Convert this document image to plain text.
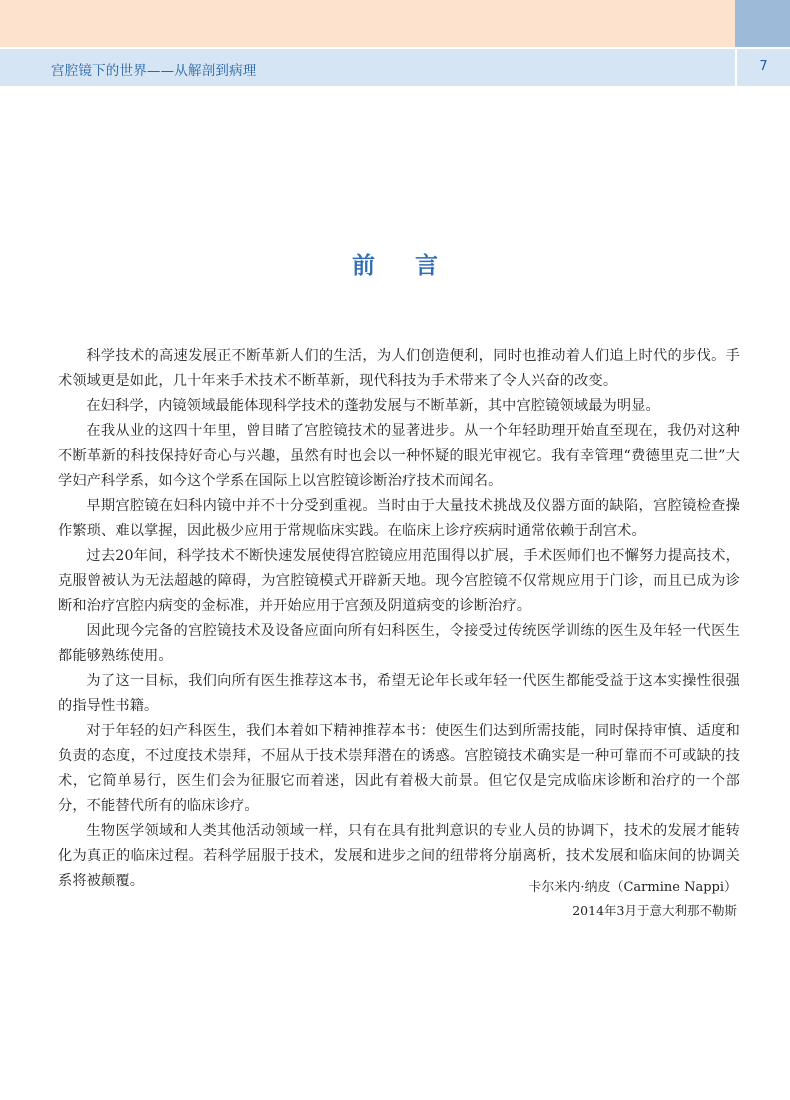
宫腔镜下的世界——从解剖到病理	7
前言

科学技术的高速发展正不断革新人们的生活，为人们创造便利，同时也推动着人们追上时代的步伐。手术领域更是如此，几十年来手术技术不断革新，现代科技为手术带来了令人兴奋的改变。

在妇科学，内镜领域最能体现科学技术的蓬勃发展与不断革新，其中宫腔镜领域最为明显。

在我从业的这四十年里，曾目睹了宫腔镜技术的显著进步。从一个年轻助理开始直至现在，我仍对这种不断革新的科技保持好奇心与兴趣，虽然有时也会以一种怀疑的眼光审视它。我有幸管理“费德里克二世”大学妇产科学系，如今这个学系在国际上以宫腔镜诊断治疗技术而闻名。

早期宫腔镜在妇科内镜中并不十分受到重视。当时由于大量技术挑战及仪器方面的缺陷，宫腔镜检查操作繁琐、难以掌握，因此极少应用于常规临床实践。在临床上诊疗疾病时通常依赖于刮宫术。

过去20年间，科学技术不断快速发展使得宫腔镜应用范围得以扩展，手术医师们也不懈努力提高技术，克服曾被认为无法超越的障碍，为宫腔镜模式开辟新天地。现今宫腔镜不仅常规应用于门诊，而且已成为诊断和治疗宫腔内病变的金标准，并开始应用于宫颈及阴道病变的诊断治疗。

因此现今完备的宫腔镜技术及设备应面向所有妇科医生，令接受过传统医学训练的医生及年轻一代医生都能够熟练使用。

为了这一目标，我们向所有医生推荐这本书，希望无论年长或年轻一代医生都能受益于这本实操性很强的指导性书籍。

对于年轻的妇产科医生，我们本着如下精神推荐本书：使医生们达到所需技能，同时保持审慎、适度和负责的态度，不过度技术崇拜，不屈从于技术崇拜潜在的诱惑。宫腔镜技术确实是一种可靠而不可或缺的技术，它简单易行，医生们会为征服它而着迷，因此有着极大前景。但它仅是完成临床诊断和治疗的一个部分，不能替代所有的临床诊疗。

生物医学领域和人类其他活动领域一样，只有在具有批判意识的专业人员的协调下，技术的发展才能转化为真正的临床过程。若科学屈服于技术，发展和进步之间的纽带将分崩离析，技术发展和临床间的协调关系将被颠覆。	卡尔米内·纳皮（Carmine Nappi）
2014年3月于意大利那不勒斯
